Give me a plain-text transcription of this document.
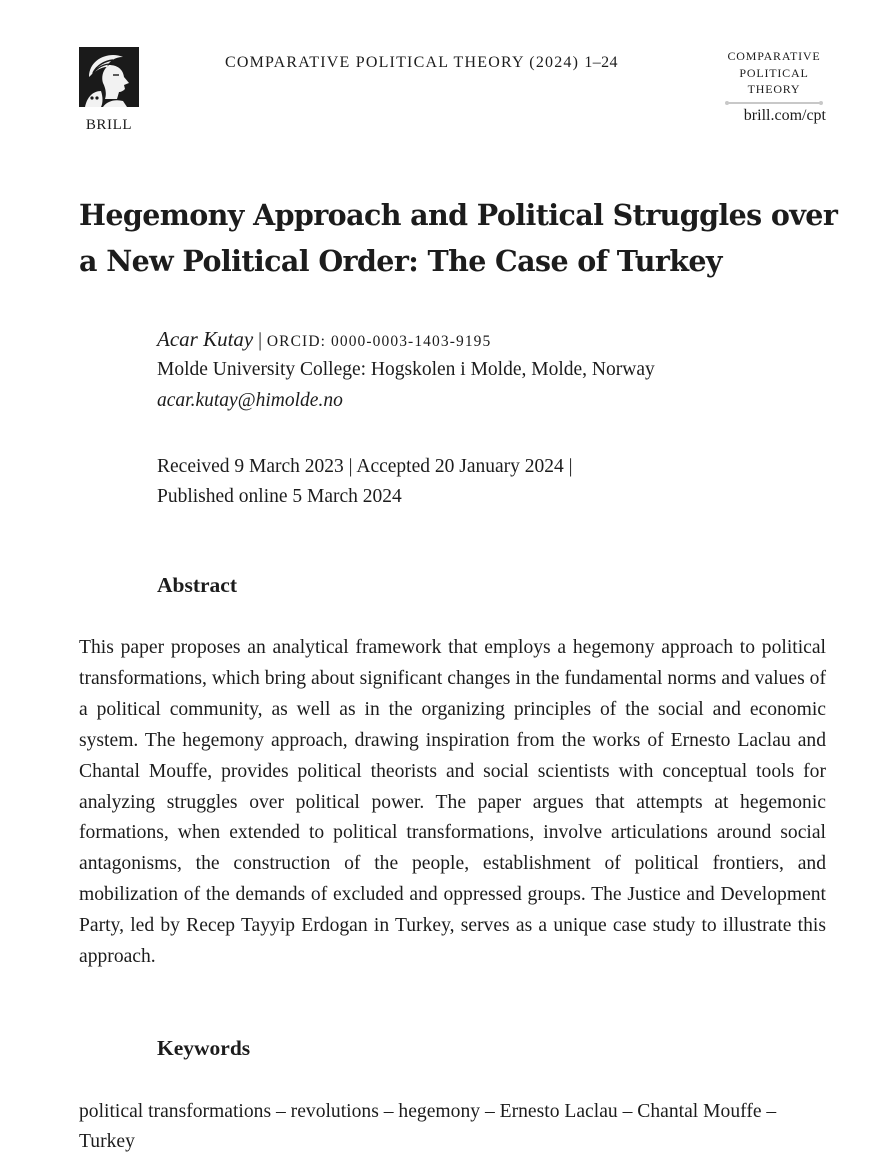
BRILL
COMPARATIVE POLITICAL THEORY (2024) 1–24	COMPARATIVE
POLITICAL
THEORY
brill.com/cpt
Hegemony Approach and Political Struggles over a New Political Order: The Case of Turkey
Acar Kutay | ORCID: 0000-0003-1403-9195
Molde University College: Hogskolen i Molde, Molde, Norway
acar.kutay@himolde.no
Received 9 March 2023 | Accepted 20 January 2024 |
Published online 5 March 2024
Abstract

This paper proposes an analytical framework that employs a hegemony approach to political transformations, which bring about significant changes in the fundamental norms and values of a political community, as well as in the organizing principles of the social and economic system. The hegemony approach, drawing inspiration from the works of Ernesto Laclau and Chantal Mouffe, provides political theorists and social scientists with conceptual tools for analyzing struggles over political power. The paper argues that attempts at hegemonic formations, when extended to political transformations, involve articulations around social antagonisms, the construction of the people, establishment of political frontiers, and mobilization of the demands of excluded and oppressed groups. The Justice and Development Party, led by Recep Tayyip Erdogan in Turkey, serves as a unique case study to illustrate this approach.

Keywords

political transformations – revolutions – hegemony – Ernesto Laclau – Chantal Mouffe – Turkey
